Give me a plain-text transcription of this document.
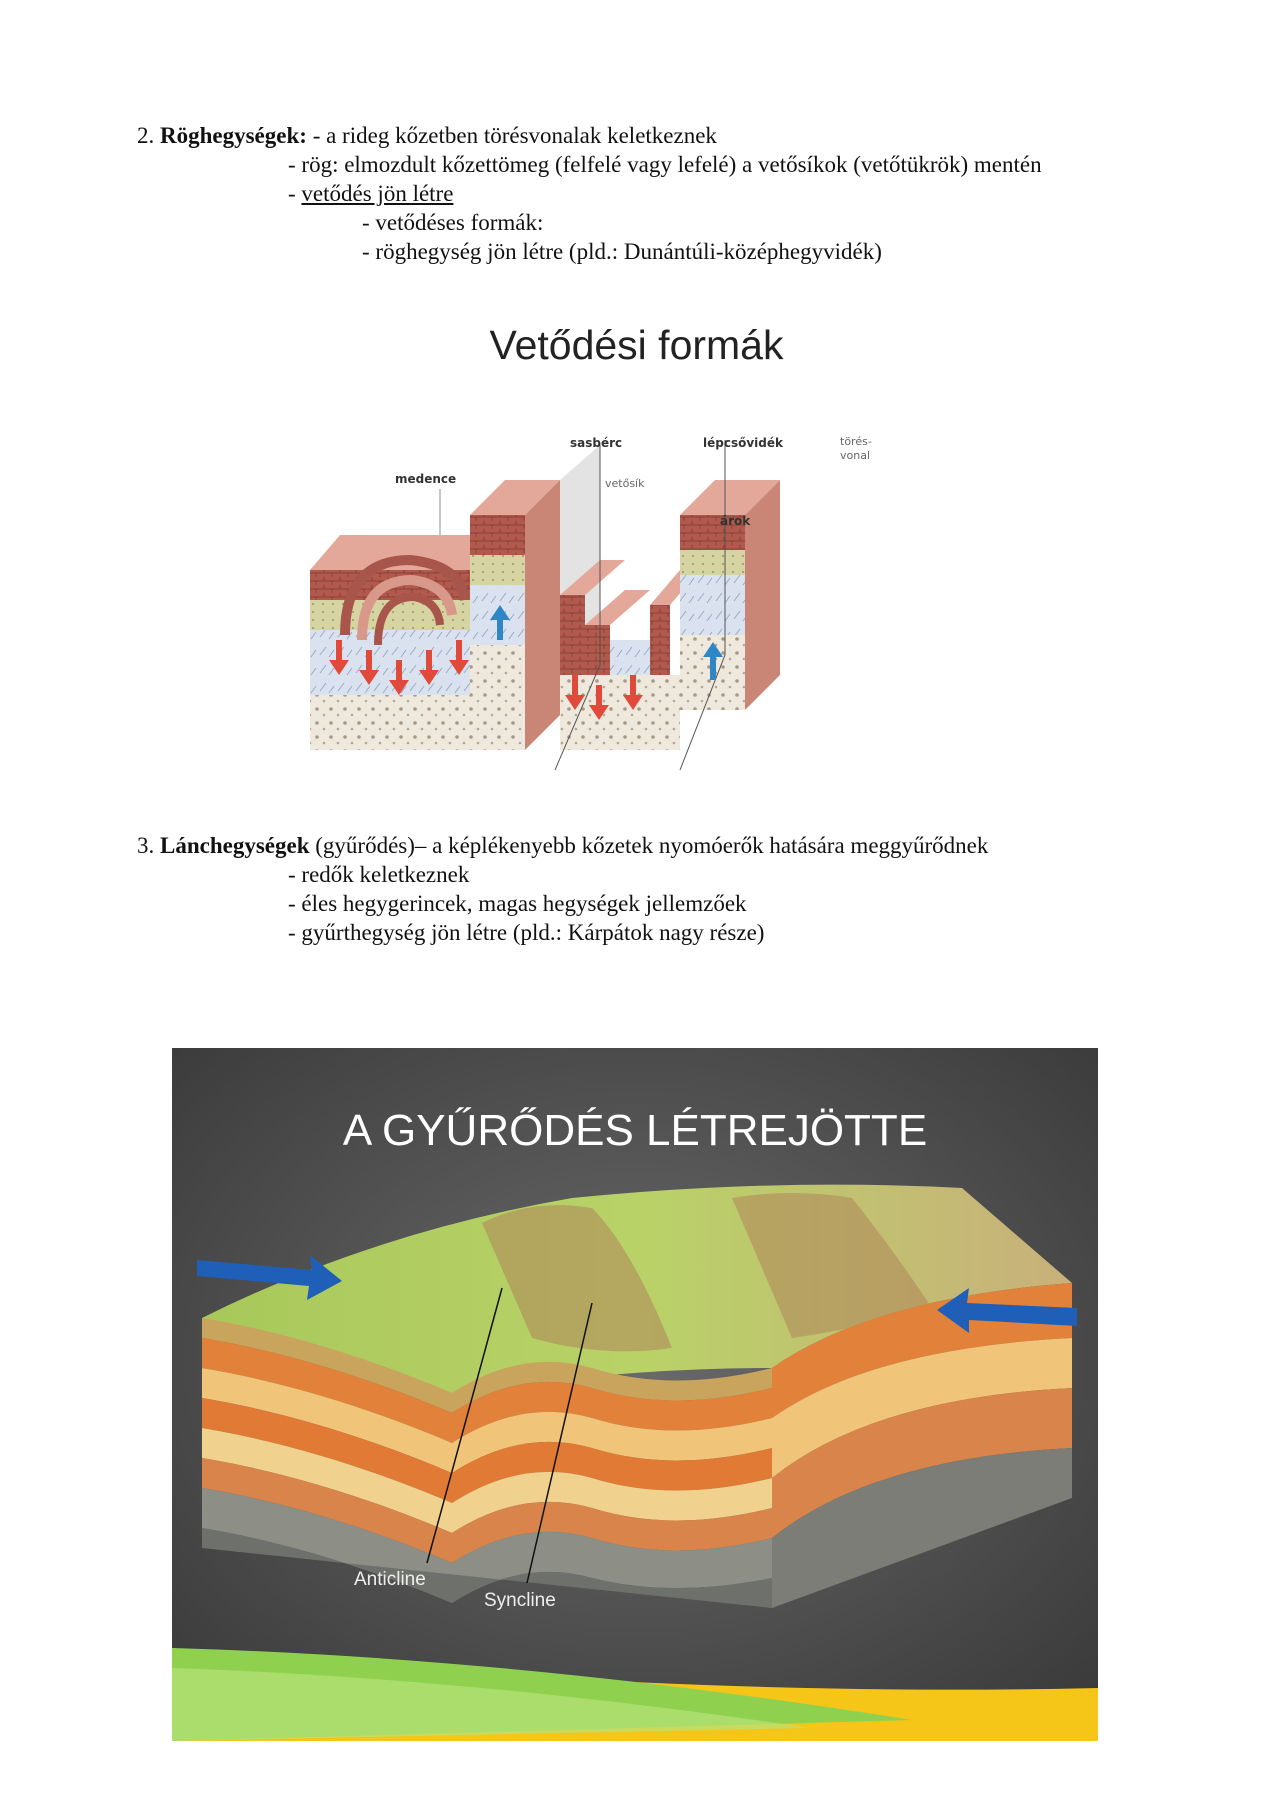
2. Röghegységek: - a rideg kőzetben törésvonalak keletkeznek
- rög: elmozdult kőzettömeg (felfelé vagy lefelé) a vetősíkok (vetőtükrök) mentén
- vetődés jön létre
- vetődéses formák:
- röghegység jön létre (pld.: Dunántúli-középhegyvidék)
Vetődési formák
medence
sasbérc	lépcsővidék
vetősík
törés-
vonal
árok
3. Lánchegységek (gyűrődés)– a képlékenyebb kőzetek nyomóerők hatására meggyűrődnek
- redők keletkeznek
- éles hegygerincek, magas hegységek jellemzőek
- gyűrthegység jön létre (pld.: Kárpátok nagy része)
A GYŰRŐDÉS LÉTREJÖTTE
Anticline
Syncline
